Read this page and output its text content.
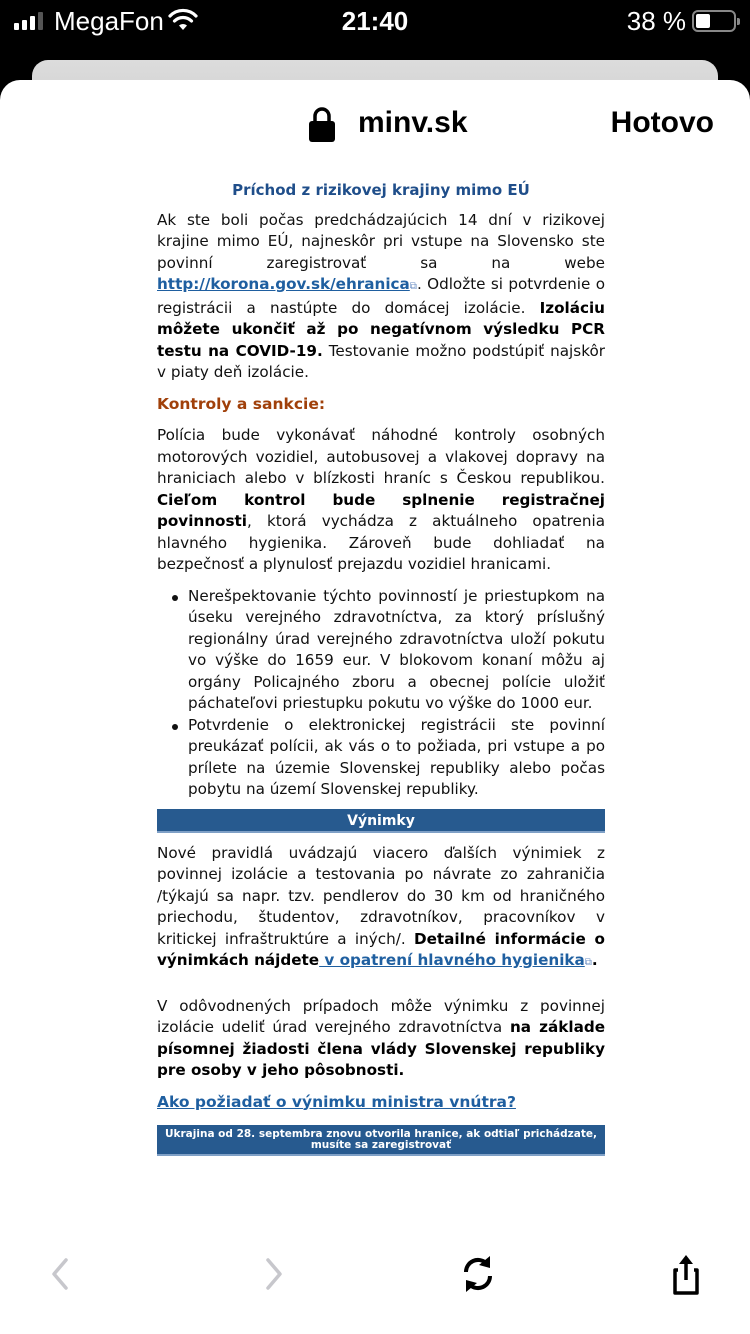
MegaFon	21:40	38 %
minv.sk	Hotovo

Príchod z rizikovej krajiny mimo EÚ

Ak ste boli počas predchádzajúcich 14 dní v rizikovej krajine mimo EÚ, najneskôr pri vstupe na Slovensko ste povinní zaregistrovať sa na webe http://korona.gov.sk/ehranica⧉. Odložte si potvrdenie o registrácii a nastúpte do domácej izolácie. Izoláciu môžete ukončiť až po negatívnom výsledku PCR testu na COVID-19. Testovanie možno podstúpiť najskôr v piaty deň izolácie.

Kontroly a sankcie:

Polícia bude vykonávať náhodné kontroly osobných motorových vozidiel, autobusovej a vlakovej dopravy na hraniciach alebo v blízkosti hraníc s Českou republikou. Cieľom kontrol bude splnenie registračnej povinnosti, ktorá vychádza z aktuálneho opatrenia hlavného hygienika. Zároveň bude dohliadať na bezpečnosť a plynulosť prejazdu vozidiel hranicami.

Nerešpektovanie týchto povinností je priestupkom na úseku verejného zdravotníctva, za ktorý príslušný regionálny úrad verejného zdravotníctva uloží pokutu vo výške do 1659 eur. V blokovom konaní môžu aj orgány Policajného zboru a obecnej polície uložiť páchateľovi priestupku pokutu vo výške do 1000 eur.
Potvrdenie o elektronickej registrácii ste povinní preukázať polícii, ak vás o to požiada, pri vstupe a po prílete na územie Slovenskej republiky alebo počas pobytu na území Slovenskej republiky.
Výnimky

Nové pravidlá uvádzajú viacero ďalších výnimiek z povinnej izolácie a testovania po návrate zo zahraničia /týkajú sa napr. tzv. pendlerov do 30 km od hraničného priechodu, študentov, zdravotníkov, pracovníkov v kritickej infraštruktúre a iných/. Detailné informácie o výnimkách nájdete v opatrení hlavného hygienika⧉.

V odôvodnených prípadoch môže výnimku z povinnej izolácie udeliť úrad verejného zdravotníctva na základe písomnej žiadosti člena vlády Slovenskej republiky pre osoby v jeho pôsobnosti.

Ako požiadať o výnimku ministra vnútra?
Ukrajina od 28. septembra znovu otvorila hranice, ak odtiaľ prichádzate, musíte sa zaregistrovať
